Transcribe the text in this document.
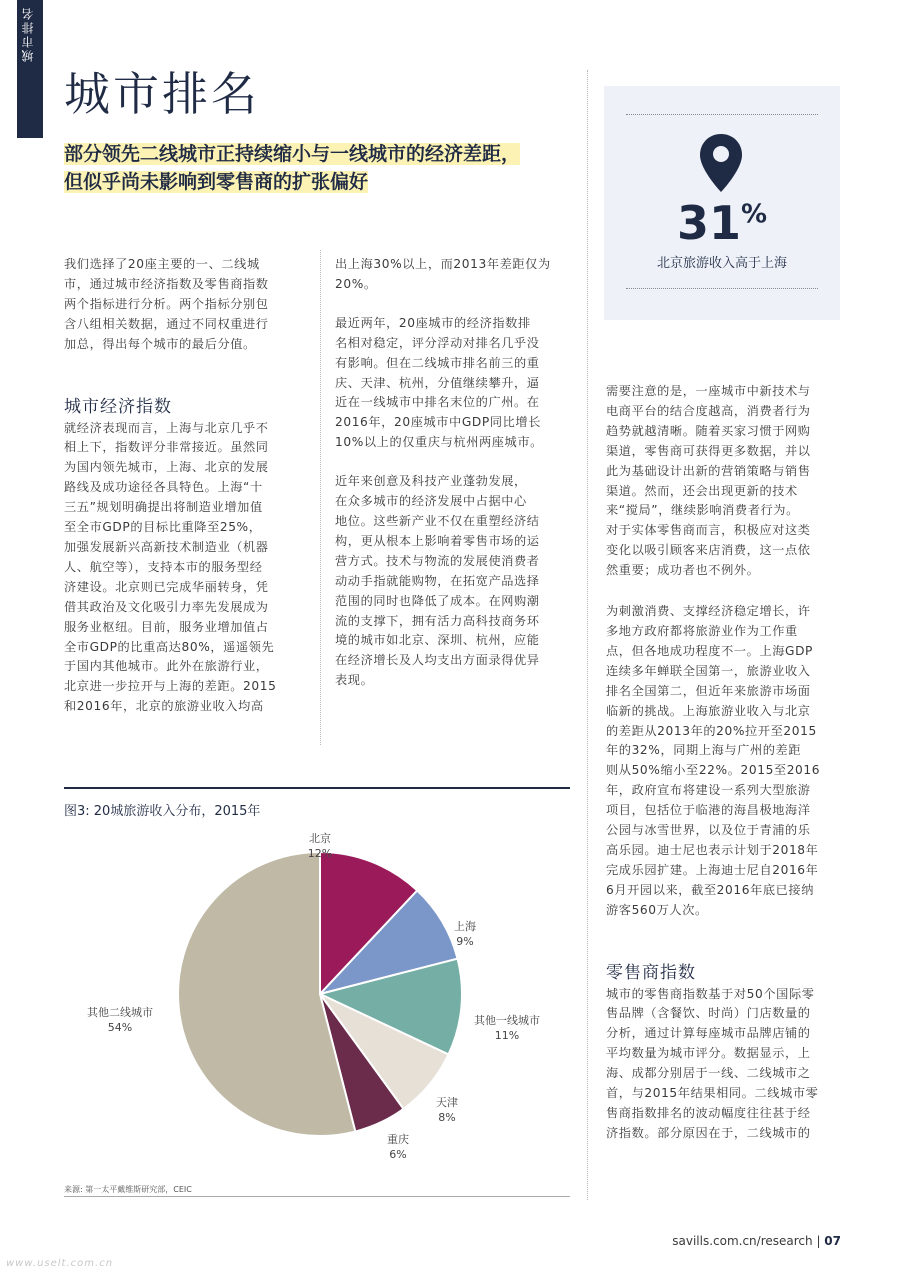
城市排名
城市排名
部分领先二线城市正持续缩小与一线城市的经济差距，
但似乎尚未影响到零售商的扩张偏好

我们选择了20座主要的一、二线城
市，通过城市经济指数及零售商指数
两个指标进行分析。两个指标分别包
含八组相关数据，通过不同权重进行
加总，得出每个城市的最后分值。

城市经济指数

就经济表现而言，上海与北京几乎不
相上下，指数评分非常接近。虽然同
为国内领先城市，上海、北京的发展
路线及成功途径各具特色。上海“十
三五”规划明确提出将制造业增加值
至全市GDP的目标比重降至25%，
加强发展新兴高新技术制造业（机器
人、航空等），支持本市的服务型经
济建设。北京则已完成华丽转身，凭
借其政治及文化吸引力率先发展成为
服务业枢纽。目前，服务业增加值占
全市GDP的比重高达80%，遥遥领先
于国内其他城市。此外在旅游行业，
北京进一步拉开与上海的差距。2015
和2016年，北京的旅游业收入均高

出上海30%以上，而2013年差距仅为
20%。

最近两年，20座城市的经济指数排
名相对稳定，评分浮动对排名几乎没
有影响。但在二线城市排名前三的重
庆、天津、杭州，分值继续攀升，逼
近在一线城市中排名末位的广州。在
2016年，20座城市中GDP同比增长
10%以上的仅重庆与杭州两座城市。

近年来创意及科技产业蓬勃发展，
在众多城市的经济发展中占据中心
地位。这些新产业不仅在重塑经济结
构，更从根本上影响着零售市场的运
营方式。技术与物流的发展使消费者
动动手指就能购物，在拓宽产品选择
范围的同时也降低了成本。在网购潮
流的支撑下，拥有活力高科技商务环
境的城市如北京、深圳、杭州，应能
在经济增长及人均支出方面录得优异
表现。

31%
北京旅游收入高于上海

需要注意的是，一座城市中新技术与
电商平台的结合度越高，消费者行为
趋势就越清晰。随着买家习惯于网购
渠道，零售商可获得更多数据，并以
此为基础设计出新的营销策略与销售
渠道。然而，还会出现更新的技术
来“搅局”，继续影响消费者行为。
对于实体零售商而言，积极应对这类
变化以吸引顾客来店消费，这一点依
然重要；成功者也不例外。

为刺激消费、支撑经济稳定增长，许
多地方政府都将旅游业作为工作重
点，但各地成功程度不一。上海GDP
连续多年蝉联全国第一，旅游业收入
排名全国第二，但近年来旅游市场面
临新的挑战。上海旅游业收入与北京
的差距从2013年的20%拉开至2015
年的32%，同期上海与广州的差距
则从50%缩小至22%。2015至2016
年，政府宣布将建设一系列大型旅游
项目，包括位于临港的海昌极地海洋
公园与冰雪世界，以及位于青浦的乐
高乐园。迪士尼也表示计划于2018年
完成乐园扩建。上海迪士尼自2016年
6月开园以来，截至2016年底已接纳
游客560万人次。

零售商指数

城市的零售商指数基于对50个国际零
售品牌（含餐饮、时尚）门店数量的
分析，通过计算每座城市品牌店铺的
平均数量为城市评分。数据显示，上
海、成都分别居于一线、二线城市之
首，与2015年结果相同。二线城市零
售商指数排名的波动幅度往往甚于经
济指数。部分原因在于，二线城市的

图3: 20城旅游收入分布，2015年
北京
12%
上海
9%
其他一线城市
11%
天津
8%
重庆
6%
其他二线城市
54%
来源: 第一太平戴维斯研究部，CEIC
savills.com.cn/research | 07
www.uselt.com.cn
